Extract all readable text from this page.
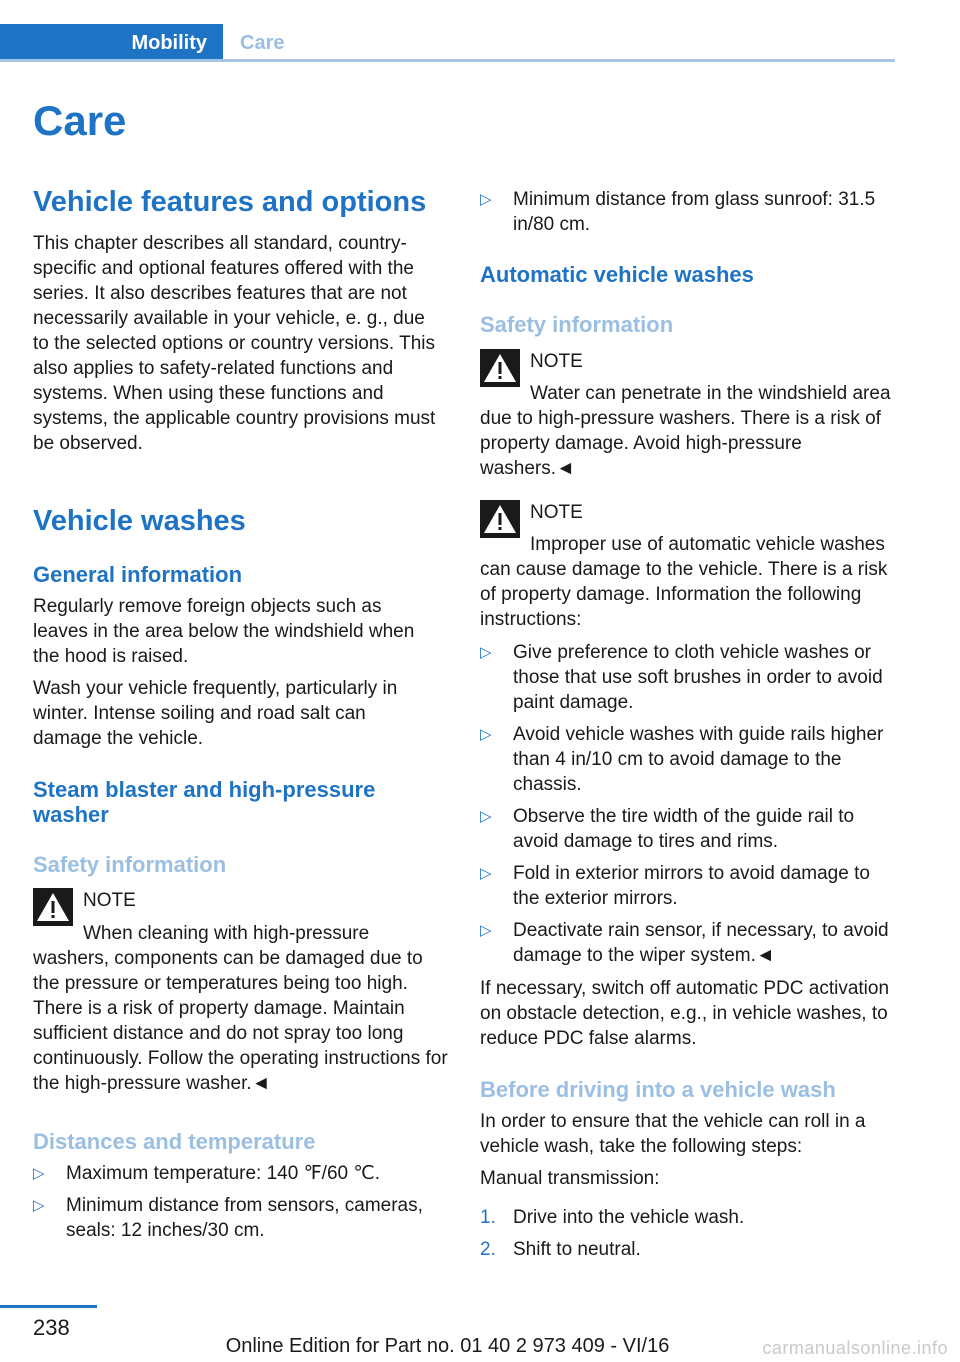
Mobility	Care
Care
Vehicle features and options

This chapter describes all standard, country-specific and optional features offered with the series. It also describes features that are not necessarily available in your vehicle, e. g., due to the selected options or country versions. This also applies to safety-related functions and systems. When using these functions and systems, the applicable country provisions must be observed.

Vehicle washes
General information

Regularly remove foreign objects such as leaves in the area below the windshield when the hood is raised.

Wash your vehicle frequently, particularly in winter. Intense soiling and road salt can damage the vehicle.

Steam blaster and high-pressure washer
Safety information
NOTE

When cleaning with high-pressure washers, components can be damaged due to the pressure or temperatures being too high. There is a risk of property damage. Maintain sufficient distance and do not spray too long continuously. Follow the operating instructions for the high-pressure washer.◄

Distances and temperature
▷ Maximum temperature: 140 ℉/60 ℃.
▷ Minimum distance from sensors, cameras, seals: 12 inches/30 cm.
▷ Minimum distance from glass sunroof: 31.5 in/80 cm.
Automatic vehicle washes
Safety information
NOTE

Water can penetrate in the windshield area due to high-pressure washers. There is a risk of property damage. Avoid high-pressure washers.◄

NOTE

Improper use of automatic vehicle washes can cause damage to the vehicle. There is a risk of property damage. Information the following instructions:

▷ Give preference to cloth vehicle washes or those that use soft brushes in order to avoid paint damage.
▷ Avoid vehicle washes with guide rails higher than 4 in/10 cm to avoid damage to the chassis.
▷ Observe the tire width of the guide rail to avoid damage to tires and rims.
▷ Fold in exterior mirrors to avoid damage to the exterior mirrors.
▷ Deactivate rain sensor, if necessary, to avoid damage to the wiper system.◄

If necessary, switch off automatic PDC activation on obstacle detection, e.g., in vehicle washes, to reduce PDC false alarms.

Before driving into a vehicle wash

In order to ensure that the vehicle can roll in a vehicle wash, take the following steps:

Manual transmission:

1. Drive into the vehicle wash.
2. Shift to neutral.
238
Online Edition for Part no. 01 40 2 973 409 - VI/16	carmanualsonline.info
